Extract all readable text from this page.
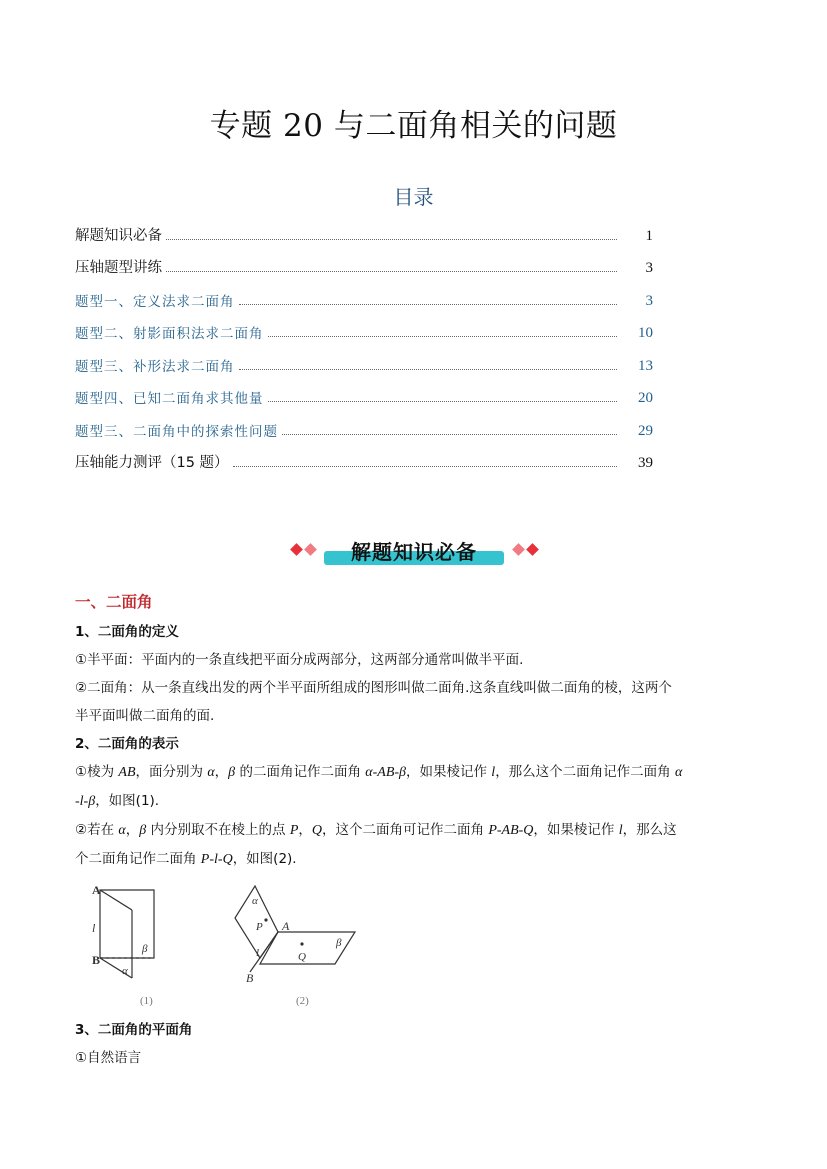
专题 20 与二面角相关的问题
目录
解题知识必备	1
压轴题型讲练	3
题型一、定义法求二面角	3
题型二、射影面积法求二面角	10
题型三、补形法求二面角	13
题型四、已知二面角求其他量	20
题型三、二面角中的探索性问题	29
压轴能力测评（15 题）	39
解题知识必备
一、二面角

1、二面角的定义

①半平面：平面内的一条直线把平面分成两部分，这两部分通常叫做半平面.

②二面角：从一条直线出发的两个半平面所组成的图形叫做二面角.这条直线叫做二面角的棱，这两个

半平面叫做二面角的面.

2、二面角的表示

①棱为 AB，面分别为 α，β 的二面角记作二面角 α-AB-β，如果棱记作 l，那么这个二面角记作二面角 α

-l-β，如图(1).

②若在 α，β 内分别取不在棱上的点 P，Q，这个二面角可记作二面角 P-AB-Q，如果棱记作 l，那么这

个二面角记作二面角 P-l-Q，如图(2).

A
B
l
β
α
(1)
α
P A
β
Q
l
B
(2)

3、二面角的平面角

①自然语言
